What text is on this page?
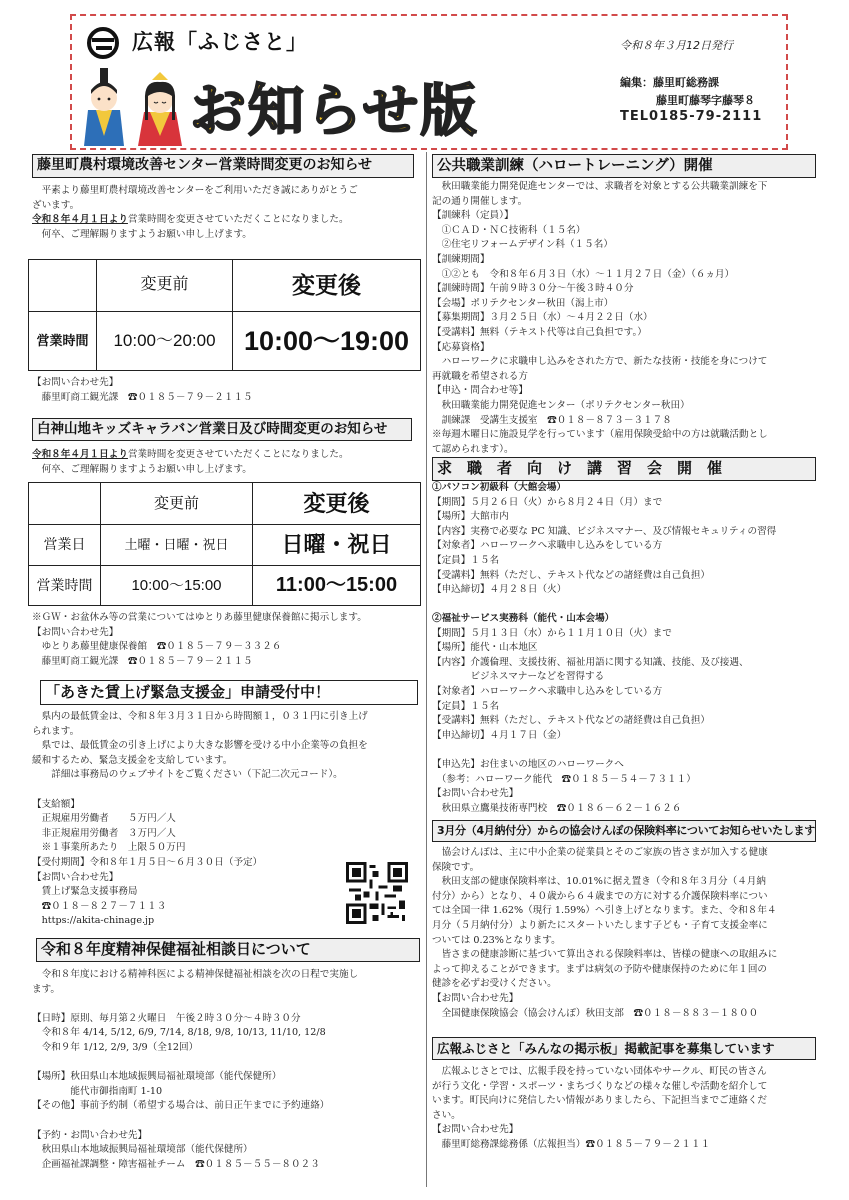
広報「ふじさと」
お知らせ版
令和８年３月12日発行
編集：藤里町総務課
藤里町藤琴字藤琴８
TEL0185-79-2111
藤里町農村環境改善センター営業時間変更のお知らせ
　平素より藤里町農村環境改善センターをご利用いただき誠にありがとうご
ざいます。
令和８年４月１日より営業時間を変更させていただくことになりました。
　何卒、ご理解賜りますようお願い申し上げます。
	変更前	変更後
営業時間	10:00～20:00	10:00～19:00
【お問い合わせ先】
　藤里町商工観光課　☎０１８５－７９－２１１５
白神山地キッズキャラバン営業日及び時間変更のお知らせ
令和８年４月１日より営業時間を変更させていただくことになりました。
　何卒、ご理解賜りますようお願い申し上げます。
	変更前	変更後
営業日	土曜・日曜・祝日	日曜・祝日
営業時間	10:00～15:00	11:00～15:00
※ＧＷ・お盆休み等の営業についてはゆとりあ藤里健康保養館に掲示します。
【お問い合わせ先】
　ゆとりあ藤里健康保養館　☎０１８５－７９－３３２６
　藤里町商工観光課　☎０１８５－７９－２１１５
「あきた賃上げ緊急支援金」申請受付中！
　県内の最低賃金は、令和８年３月３１日から時間額１，０３１円に引き上げ
られます。
　県では、最低賃金の引き上げにより大きな影響を受ける中小企業等の負担を
緩和するため、緊急支援金を支給しています。
　　詳細は事務局のウェブサイトをご覧ください（下記二次元コード）。

【支給額】
　正規雇用労働者　　５万円／人
　非正規雇用労働者　３万円／人
　※１事業所あたり　上限５０万円
【受付期間】令和８年１月５日～６月３０日（予定）
【お問い合わせ先】
　賃上げ緊急支援事務局
　☎０１８－８２７－７１１３
　https://akita-chinage.jp
令和８年度精神保健福祉相談日について
　令和８年度における精神科医による精神保健福祉相談を次の日程で実施し
ます。

【日時】原則、毎月第２火曜日　午後２時３０分～４時３０分
　令和８年 4/14, 5/12, 6/9, 7/14, 8/18, 9/8, 10/13, 11/10, 12/8
　令和９年 1/12, 2/9, 3/9（全12回）

【場所】秋田県山本地域振興局福祉環境部（能代保健所）
　　　　能代市御指南町 1-10
【その他】事前予約制（希望する場合は、前日正午までに予約連絡）

【予約・お問い合わせ先】
　秋田県山本地域振興局福祉環境部（能代保健所）
　企画福祉課調整・障害福祉チーム　☎０１８５－５５－８０２３
公共職業訓練（ハロートレーニング）開催
　秋田職業能力開発促進センターでは、求職者を対象とする公共職業訓練を下
記の通り開催します。
【訓練科（定員）】
　①ＣＡＤ・ＮＣ技術科（１５名）
　②住宅リフォームデザイン科（１５名）
【訓練期間】
　①②とも　令和８年６月３日（水）～１１月２７日（金）（６ヵ月）
【訓練時間】午前９時３０分～午後３時４０分
【会場】ポリテクセンター秋田（潟上市）
【募集期間】３月２５日（水）～４月２２日（水）
【受講料】無料（テキスト代等は自己負担です。）
【応募資格】
　ハローワークに求職申し込みをされた方で、新たな技術・技能を身につけて
再就職を希望される方
【申込・問合わせ等】
　秋田職業能力開発促進センター（ポリテクセンター秋田）
　訓練課　受講生支援室　☎０１８－８７３－３１７８
※毎週木曜日に施設見学を行っています（雇用保険受給中の方は就職活動とし
て認められます）。
求　職　者　向　け　講　習　会　開　催
①パソコン初級科（大館会場）
【期間】５月２６日（火）から８月２４日（月）まで
【場所】大館市内
【内容】実務で必要な PC 知識、ビジネスマナー、及び情報セキュリティの習得
【対象者】ハローワークへ求職申し込みをしている方
【定員】１５名
【受講料】無料（ただし、テキスト代などの諸経費は自己負担）
【申込締切】４月２８日（火）
②福祉サービス実務科（能代・山本会場）
【期間】５月１３日（水）から１１月１０日（火）まで
【場所】能代・山本地区
【内容】介護倫理、支援技術、福祉用語に関する知識、技能、及び接遇、
　　　　ビジネスマナーなどを習得する
【対象者】ハローワークへ求職申し込みをしている方
【定員】１５名
【受講料】無料（ただし、テキスト代などの諸経費は自己負担）
【申込締切】４月１７日（金）

【申込先】お住まいの地区のハローワークへ
　（参考：ハローワーク能代　☎０１８５－５４－７３１１）
【お問い合わせ先】
　秋田県立鷹巣技術専門校　☎０１８６－６２－１６２６
3月分（4月納付分）からの協会けんぽの保険料率についてお知らせいたします
　協会けんぽは、主に中小企業の従業員とそのご家族の皆さまが加入する健康
保険です。
　秋田支部の健康保険料率は、10.01%に据え置き（令和８年３月分（４月納
付分）から）となり、４０歳から６４歳までの方に対する介護保険料率につい
ては全国一律 1.62%（現行 1.59%）へ引き上げとなります。また、令和８年４
月分（５月納付分）より新たにスタートいたします子ども・子育て支援金率に
ついては 0.23%となります。
　皆さまの健康診断に基づいて算出される保険料率は、皆様の健康への取組みに
よって抑えることができます。まずは病気の予防や健康保持のために年１回の
健診を必ずお受けください。
【お問い合わせ先】
　全国健康保険協会（協会けんぽ）秋田支部　☎０１８－８８３－１８００
広報ふじさと「みんなの掲示板」掲載記事を募集しています
　広報ふじさとでは、広報手段を持っていない団体やサークル、町民の皆さん
が行う文化・学習・スポーツ・まちづくりなどの様々な催しや活動を紹介して
います。町民向けに発信したい情報がありましたら、下記担当までご連絡くだ
さい。
【お問い合わせ先】
　藤里町総務課総務係（広報担当）☎０１８５－７９－２１１１
